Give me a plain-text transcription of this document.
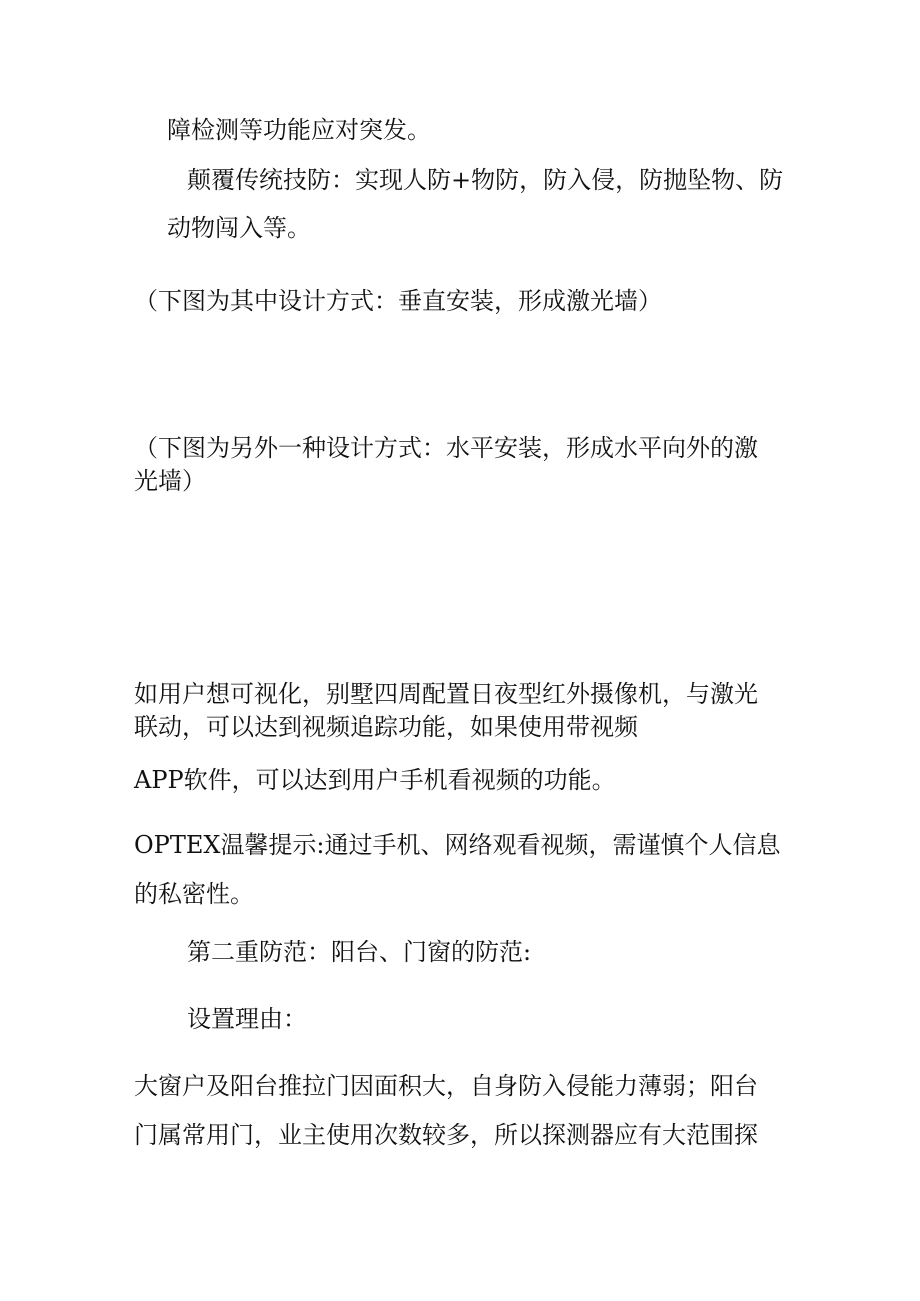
障检测等功能应对突发。

颠覆传统技防：实现人防+物防，防入侵，防抛坠物、防

动物闯入等。

（下图为其中设计方式：垂直安装，形成激光墙）

（下图为另外一种设计方式：水平安装，形成水平向外的激

光墙）

如用户想可视化，别墅四周配置日夜型红外摄像机，与激光

联动，可以达到视频追踪功能，如果使用带视频

APP软件，可以达到用户手机看视频的功能。

OPTEX温馨提示:通过手机、网络观看视频，需谨慎个人信息

的私密性。

第二重防范：阳台、门窗的防范:

设置理由：

大窗户及阳台推拉门因面积大，自身防入侵能力薄弱；阳台

门属常用门，业主使用次数较多，所以探测器应有大范围探
